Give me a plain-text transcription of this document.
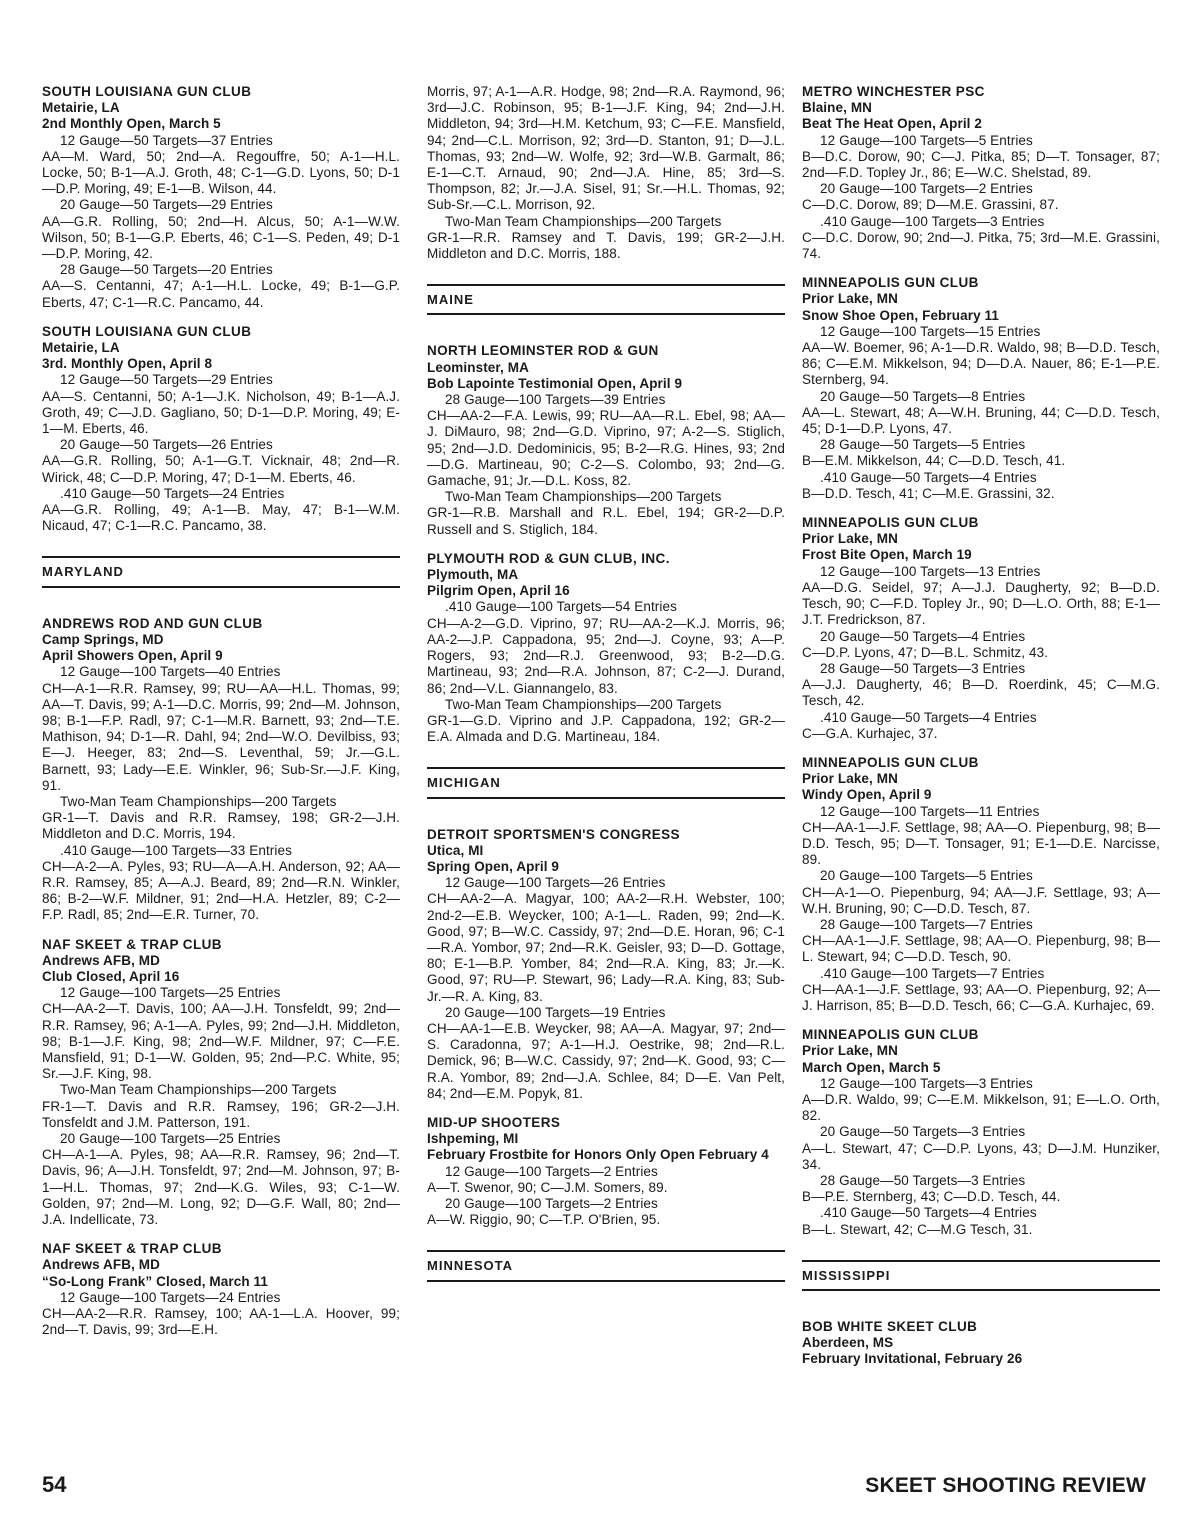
SOUTH LOUISIANA GUN CLUB
Metairie, LA
2nd Monthly Open, March 5
12 Gauge—50 Targets—37 Entries
AA—M. Ward, 50; 2nd—A. Regouffre, 50; A-1—H.L. Locke, 50; B-1—A.J. Groth, 48; C-1—G.D. Lyons, 50; D-1—D.P. Moring, 49; E-1—B. Wilson, 44.
20 Gauge—50 Targets—29 Entries
AA—G.R. Rolling, 50; 2nd—H. Alcus, 50; A-1—W.W. Wilson, 50; B-1—G.P. Eberts, 46; C-1—S. Peden, 49; D-1—D.P. Moring, 42.
28 Gauge—50 Targets—20 Entries
AA—S. Centanni, 47; A-1—H.L. Locke, 49; B-1—G.P. Eberts, 47; C-1—R.C. Pancamo, 44.
SOUTH LOUISIANA GUN CLUB
Metairie, LA
3rd. Monthly Open, April 8
12 Gauge—50 Targets—29 Entries
AA—S. Centanni, 50; A-1—J.K. Nicholson, 49; B-1—A.J. Groth, 49; C—J.D. Gagliano, 50; D-1—D.P. Moring, 49; E-1—M. Eberts, 46.
20 Gauge—50 Targets—26 Entries
AA—G.R. Rolling, 50; A-1—G.T. Vicknair, 48; 2nd—R. Wirick, 48; C—D.P. Moring, 47; D-1—M. Eberts, 46.
.410 Gauge—50 Targets—24 Entries
AA—G.R. Rolling, 49; A-1—B. May, 47; B-1—W.M. Nicaud, 47; C-1—R.C. Pancamo, 38.
MARYLAND
ANDREWS ROD AND GUN CLUB
Camp Springs, MD
April Showers Open, April 9
12 Gauge—100 Targets—40 Entries
CH—A-1—R.R. Ramsey, 99; RU—AA—H.L. Thomas, 99; AA—T. Davis, 99; A-1—D.C. Morris, 99; 2nd—M. Johnson, 98; B-1—F.P. Radl, 97; C-1—M.R. Barnett, 93; 2nd—T.E. Mathison, 94; D-1—R. Dahl, 94; 2nd—W.O. Devilbiss, 93; E—J. Heeger, 83; 2nd—S. Leventhal, 59; Jr.—G.L. Barnett, 93; Lady—E.E. Winkler, 96; Sub-Sr.—J.F. King, 91.
Two-Man Team Championships—200 Targets
GR-1—T. Davis and R.R. Ramsey, 198; GR-2—J.H. Middleton and D.C. Morris, 194.
.410 Gauge—100 Targets—33 Entries
CH—A-2—A. Pyles, 93; RU—A—A.H. Anderson, 92; AA—R.R. Ramsey, 85; A—A.J. Beard, 89; 2nd—R.N. Winkler, 86; B-2—W.F. Mildner, 91; 2nd—H.A. Hetzler, 89; C-2—F.P. Radl, 85; 2nd—E.R. Turner, 70.
NAF SKEET & TRAP CLUB
Andrews AFB, MD
Club Closed, April 16
12 Gauge—100 Targets—25 Entries
CH—AA-2—T. Davis, 100; AA—J.H. Tonsfeldt, 99; 2nd—R.R. Ramsey, 96; A-1—A. Pyles, 99; 2nd—J.H. Middleton, 98; B-1—J.F. King, 98; 2nd—W.F. Mildner, 97; C—F.E. Mansfield, 91; D-1—W. Golden, 95; 2nd—P.C. White, 95; Sr.—J.F. King, 98.
Two-Man Team Championships—200 Targets
FR-1—T. Davis and R.R. Ramsey, 196; GR-2—J.H. Tonsfeldt and J.M. Patterson, 191.
20 Gauge—100 Targets—25 Entries
CH—A-1—A. Pyles, 98; AA—R.R. Ramsey, 96; 2nd—T. Davis, 96; A—J.H. Tonsfeldt, 97; 2nd—M. Johnson, 97; B-1—H.L. Thomas, 97; 2nd—K.G. Wiles, 93; C-1—W. Golden, 97; 2nd—M. Long, 92; D—G.F. Wall, 80; 2nd—J.A. Indellicate, 73.
NAF SKEET & TRAP CLUB
Andrews AFB, MD
“So-Long Frank” Closed, March 11
12 Gauge—100 Targets—24 Entries
CH—AA-2—R.R. Ramsey, 100; AA-1—L.A. Hoover, 99; 2nd—T. Davis, 99; 3rd—E.H.
Morris, 97; A-1—A.R. Hodge, 98; 2nd—R.A. Raymond, 96; 3rd—J.C. Robinson, 95; B-1—J.F. King, 94; 2nd—J.H. Middleton, 94; 3rd—H.M. Ketchum, 93; C—F.E. Mansfield, 94; 2nd—C.L. Morrison, 92; 3rd—D. Stanton, 91; D—J.L. Thomas, 93; 2nd—W. Wolfe, 92; 3rd—W.B. Garmalt, 86; E-1—C.T. Arnaud, 90; 2nd—J.A. Hine, 85; 3rd—S. Thompson, 82; Jr.—J.A. Sisel, 91; Sr.—H.L. Thomas, 92; Sub-Sr.—C.L. Morrison, 92.
Two-Man Team Championships—200 Targets
GR-1—R.R. Ramsey and T. Davis, 199; GR-2—J.H. Middleton and D.C. Morris, 188.
MAINE
NORTH LEOMINSTER ROD & GUN
Leominster, MA
Bob Lapointe Testimonial Open, April 9
28 Gauge—100 Targets—39 Entries
CH—AA-2—F.A. Lewis, 99; RU—AA—R.L. Ebel, 98; AA—J. DiMauro, 98; 2nd—G.D. Viprino, 97; A-2—S. Stiglich, 95; 2nd—J.D. Dedominicis, 95; B-2—R.G. Hines, 93; 2nd—D.G. Martineau, 90; C-2—S. Colombo, 93; 2nd—G. Gamache, 91; Jr.—D.L. Koss, 82.
Two-Man Team Championships—200 Targets
GR-1—R.B. Marshall and R.L. Ebel, 194; GR-2—D.P. Russell and S. Stiglich, 184.
PLYMOUTH ROD & GUN CLUB, INC.
Plymouth, MA
Pilgrim Open, April 16
.410 Gauge—100 Targets—54 Entries
CH—A-2—G.D. Viprino, 97; RU—AA-2—K.J. Morris, 96; AA-2—J.P. Cappadona, 95; 2nd—J. Coyne, 93; A—P. Rogers, 93; 2nd—R.J. Greenwood, 93; B-2—D.G. Martineau, 93; 2nd—R.A. Johnson, 87; C-2—J. Durand, 86; 2nd—V.L. Giannangelo, 83.
Two-Man Team Championships—200 Targets
GR-1—G.D. Viprino and J.P. Cappadona, 192; GR-2—E.A. Almada and D.G. Martineau, 184.
MICHIGAN
DETROIT SPORTSMEN'S CONGRESS
Utica, MI
Spring Open, April 9
12 Gauge—100 Targets—26 Entries
CH—AA-2—A. Magyar, 100; AA-2—R.H. Webster, 100; 2nd-2—E.B. Weycker, 100; A-1—L. Raden, 99; 2nd—K. Good, 97; B—W.C. Cassidy, 97; 2nd—D.E. Horan, 96; C-1—R.A. Yombor, 97; 2nd—R.K. Geisler, 93; D—D. Gottage, 80; E-1—B.P. Yomber, 84; 2nd—R.A. King, 83; Jr.—K. Good, 97; RU—P. Stewart, 96; Lady—R.A. King, 83; Sub-Jr.—R. A. King, 83.
20 Gauge—100 Targets—19 Entries
CH—AA-1—E.B. Weycker, 98; AA—A. Magyar, 97; 2nd—S. Caradonna, 97; A-1—H.J. Oestrike, 98; 2nd—R.L. Demick, 96; B—W.C. Cassidy, 97; 2nd—K. Good, 93; C—R.A. Yombor, 89; 2nd—J.A. Schlee, 84; D—E. Van Pelt, 84; 2nd—E.M. Popyk, 81.
MID-UP SHOOTERS
Ishpeming, MI
February Frostbite for Honors Only Open February 4
12 Gauge—100 Targets—2 Entries
A—T. Swenor, 90; C—J.M. Somers, 89.
20 Gauge—100 Targets—2 Entries
A—W. Riggio, 90; C—T.P. O'Brien, 95.
MINNESOTA
METRO WINCHESTER PSC
Blaine, MN
Beat The Heat Open, April 2
12 Gauge—100 Targets—5 Entries
B—D.C. Dorow, 90; C—J. Pitka, 85; D—T. Tonsager, 87; 2nd—F.D. Topley Jr., 86; E—W.C. Shelstad, 89.
20 Gauge—100 Targets—2 Entries
C—D.C. Dorow, 89; D—M.E. Grassini, 87.
.410 Gauge—100 Targets—3 Entries
C—D.C. Dorow, 90; 2nd—J. Pitka, 75; 3rd—M.E. Grassini, 74.
MINNEAPOLIS GUN CLUB
Prior Lake, MN
Snow Shoe Open, February 11
12 Gauge—100 Targets—15 Entries
AA—W. Boemer, 96; A-1—D.R. Waldo, 98; B—D.D. Tesch, 86; C—E.M. Mikkelson, 94; D—D.A. Nauer, 86; E-1—P.E. Sternberg, 94.
20 Gauge—50 Targets—8 Entries
AA—L. Stewart, 48; A—W.H. Bruning, 44; C—D.D. Tesch, 45; D-1—D.P. Lyons, 47.
28 Gauge—50 Targets—5 Entries
B—E.M. Mikkelson, 44; C—D.D. Tesch, 41.
.410 Gauge—50 Targets—4 Entries
B—D.D. Tesch, 41; C—M.E. Grassini, 32.
MINNEAPOLIS GUN CLUB
Prior Lake, MN
Frost Bite Open, March 19
12 Gauge—100 Targets—13 Entries
AA—D.G. Seidel, 97; A—J.J. Daugherty, 92; B—D.D. Tesch, 90; C—F.D. Topley Jr., 90; D—L.O. Orth, 88; E-1—J.T. Fredrickson, 87.
20 Gauge—50 Targets—4 Entries
C—D.P. Lyons, 47; D—B.L. Schmitz, 43.
28 Gauge—50 Targets—3 Entries
A—J.J. Daugherty, 46; B—D. Roerdink, 45; C—M.G. Tesch, 42.
.410 Gauge—50 Targets—4 Entries
C—G.A. Kurhajec, 37.
MINNEAPOLIS GUN CLUB
Prior Lake, MN
Windy Open, April 9
12 Gauge—100 Targets—11 Entries
CH—AA-1—J.F. Settlage, 98; AA—O. Piepenburg, 98; B—D.D. Tesch, 95; D—T. Tonsager, 91; E-1—D.E. Narcisse, 89.
20 Gauge—100 Targets—5 Entries
CH—A-1—O. Piepenburg, 94; AA—J.F. Settlage, 93; A—W.H. Bruning, 90; C—D.D. Tesch, 87.
28 Gauge—100 Targets—7 Entries
CH—AA-1—J.F. Settlage, 98; AA—O. Piepenburg, 98; B—L. Stewart, 94; C—D.D. Tesch, 90.
.410 Gauge—100 Targets—7 Entries
CH—AA-1—J.F. Settlage, 93; AA—O. Piepenburg, 92; A—J. Harrison, 85; B—D.D. Tesch, 66; C—G.A. Kurhajec, 69.
MINNEAPOLIS GUN CLUB
Prior Lake, MN
March Open, March 5
12 Gauge—100 Targets—3 Entries
A—D.R. Waldo, 99; C—E.M. Mikkelson, 91; E—L.O. Orth, 82.
20 Gauge—50 Targets—3 Entries
A—L. Stewart, 47; C—D.P. Lyons, 43; D—J.M. Hunziker, 34.
28 Gauge—50 Targets—3 Entries
B—P.E. Sternberg, 43; C—D.D. Tesch, 44.
.410 Gauge—50 Targets—4 Entries
B—L. Stewart, 42; C—M.G Tesch, 31.
MISSISSIPPI
BOB WHITE SKEET CLUB
Aberdeen, MS
February Invitational, February 26
54	SKEET SHOOTING REVIEW
